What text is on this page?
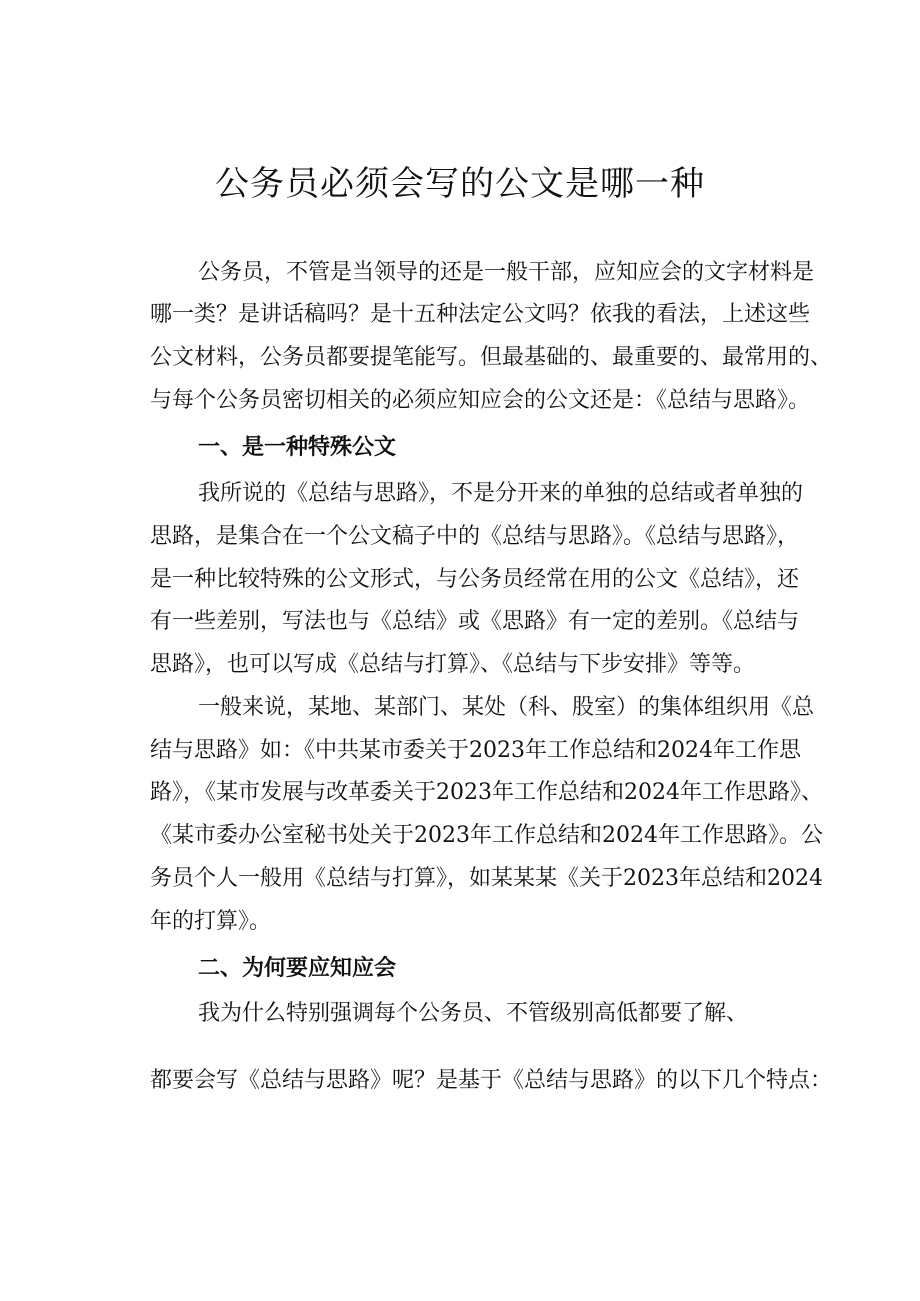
公务员必须会写的公文是哪一种
公务员，不管是当领导的还是一般干部，应知应会的文字材料是
哪一类？是讲话稿吗？是十五种法定公文吗？依我的看法，上述这些
公文材料，公务员都要提笔能写。但最基础的、最重要的、最常用的、
与每个公务员密切相关的必须应知应会的公文还是：《总结与思路》。
一、是一种特殊公文
我所说的《总结与思路》，不是分开来的单独的总结或者单独的
思路，是集合在一个公文稿子中的《总结与思路》。《总结与思路》，
是一种比较特殊的公文形式，与公务员经常在用的公文《总结》，还
有一些差别，写法也与《总结》或《思路》有一定的差别。《总结与
思路》，也可以写成《总结与打算》、《总结与下步安排》等等。
一般来说，某地、某部门、某处（科、股室）的集体组织用《总
结与思路》如：《中共某市委关于2023年工作总结和2024年工作思
路》，《某市发展与改革委关于2023年工作总结和2024年工作思路》、
《某市委办公室秘书处关于2023年工作总结和2024年工作思路》。公
务员个人一般用《总结与打算》，如某某某《关于2023年总结和2024
年的打算》。
二、为何要应知应会
我为什么特别强调每个公务员、不管级别高低都要了解、
都要会写《总结与思路》呢？是基于《总结与思路》的以下几个特点：
